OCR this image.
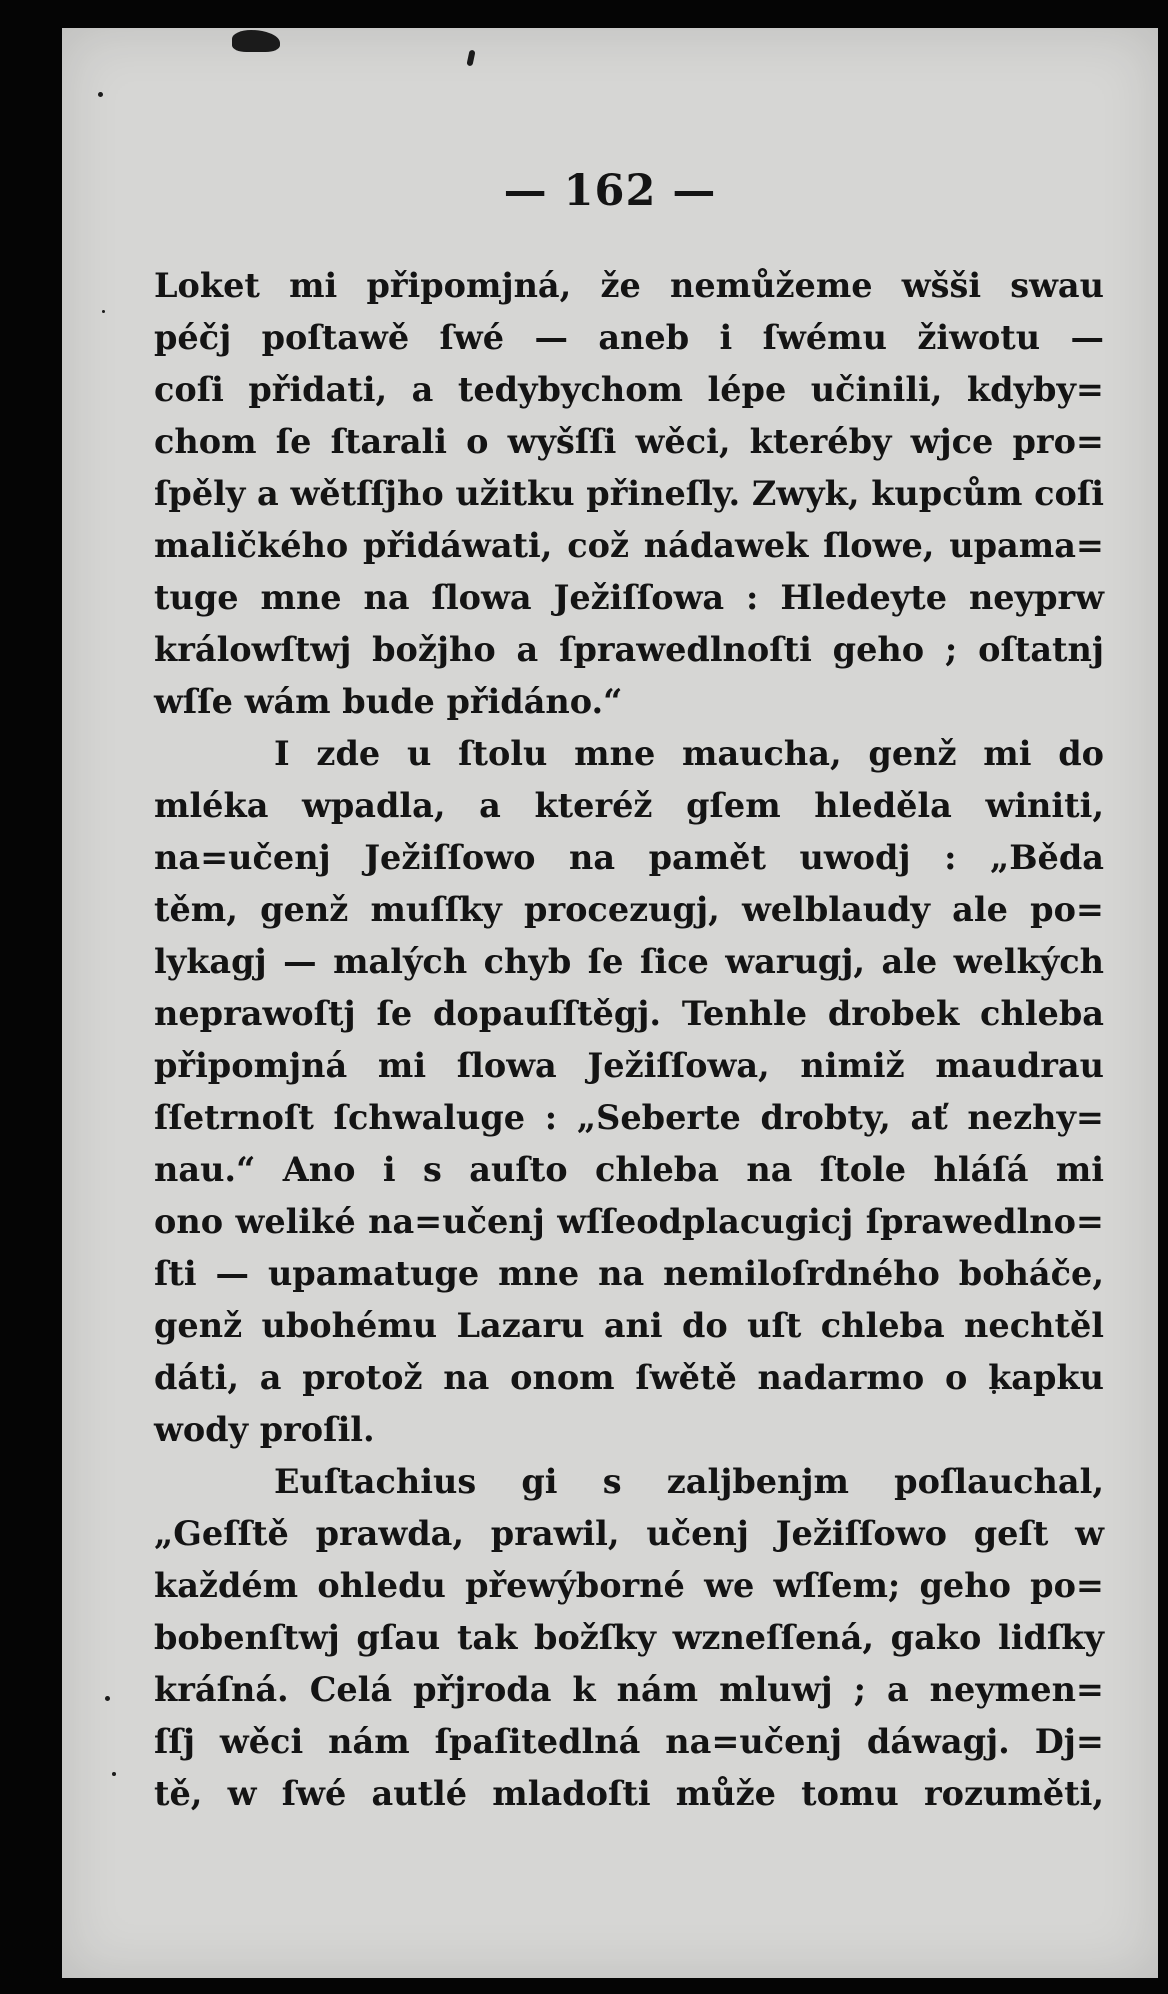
— 162 —
Loket mi připomjná, že nemůžeme wšši swau
péčj poſtawě ſwé — aneb i ſwému žiwotu —
coſi přidati, a tedybychom lépe učinili, kdyby=
chom ſe ſtarali o wyšſſi wěci, kteréby wjce pro=
ſpěly a wětſſjho užitku přineſly. Zwyk, kupcům coſi
maličkého přidáwati, což nádawek ſlowe, upama=
tuge mne na ſlowa Ježiſſowa : Hledeyte neyprw
králowſtwj božjho a ſprawedlnoſti geho ; oſtatnj
wſſe wám bude přidáno.“
I zde u ſtolu mne maucha, genž mi do
mléka wpadla, a kteréž gſem hleděla winiti,
na=učenj Ježiſſowo na pamět uwodj : „Běda
těm, genž muſſky procezugj, welblaudy ale po=
lykagj — malých chyb ſe ſice warugj, ale welkých
neprawoſtj ſe dopauſſtěgj. Tenhle drobek chleba
připomjná mi ſlowa Ježiſſowa, nimiž maudrau
ſſetrnoſt ſchwaluge : „Seberte drobty, ať nezhy=
nau.“ Ano i s auſto chleba na ſtole hláſá mi
ono weliké na=učenj wſſeodplacugicj ſprawedlno=
ſti — upamatuge mne na nemiloſrdného boháče,
genž ubohému Lazaru ani do uſt chleba nechtěl
dáti, a protož na onom ſwětě nadarmo o kapku
wody proſil.
Euſtachius gi s zaljbenjm poſlauchal,
„Geſſtě prawda, prawil, učenj Ježiſſowo geſt w
každém ohledu přewýborné we wſſem; geho po=
bobenſtwj gſau tak božſky wzneſſená, gako lidſky
kráſná. Celá přjroda k nám mluwj ; a neymen=
ſſj wěci nám ſpaſitedlná na=učenj dáwagj. Dj=
tě, w ſwé autlé mladoſti může tomu rozuměti,
